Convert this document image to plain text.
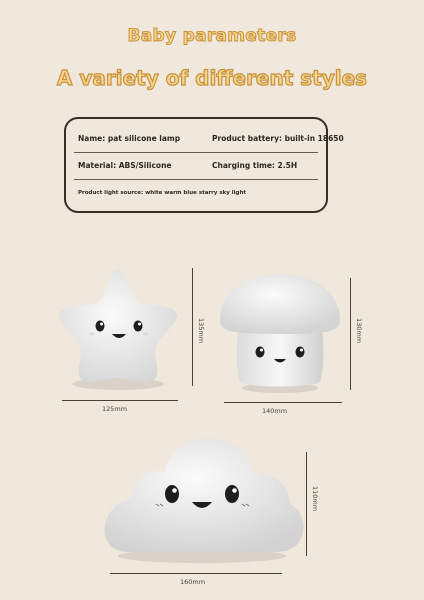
Baby parameters
A variety of different styles
Name: pat silicone lamp	Product battery: built-in 18650
Material: ABS/Silicone	Charging time: 2.5H
Product light source: white warm blue starry sky light
125mm
135mm
140mm
130mm
160mm
110mm
